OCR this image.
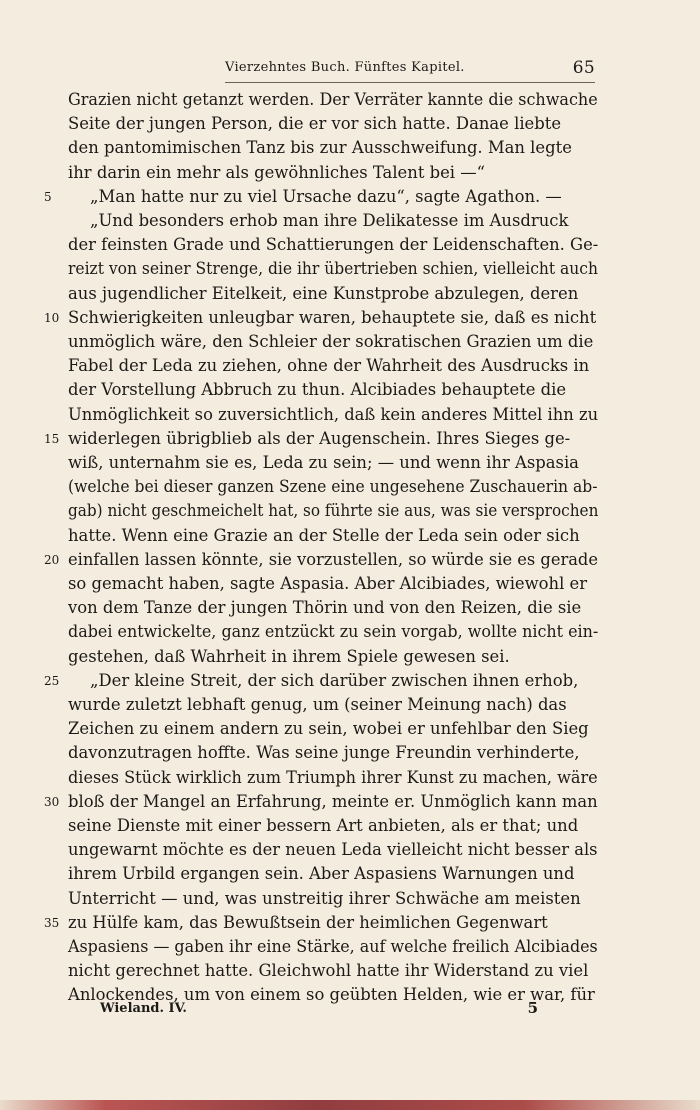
Vierzehntes Buch. Fünftes Kapitel.	65
Grazien nicht getanzt werden. Der Verräter kannte die schwache
Seite der jungen Person, die er vor sich hatte. Danae liebte
den pantomimischen Tanz bis zur Ausschweifung. Man legte
ihr darin ein mehr als gewöhnliches Talent bei —“
5	„Man hatte nur zu viel Ursache dazu“, sagte Agathon. —
„Und besonders erhob man ihre Delikatesse im Ausdruck
der feinsten Grade und Schattierungen der Leidenschaften. Ge-
reizt von seiner Strenge, die ihr übertrieben schien, vielleicht auch
aus jugendlicher Eitelkeit, eine Kunstprobe abzulegen, deren
10 Schwierigkeiten unleugbar waren, behauptete sie, daß es nicht
unmöglich wäre, den Schleier der sokratischen Grazien um die
Fabel der Leda zu ziehen, ohne der Wahrheit des Ausdrucks in
der Vorstellung Abbruch zu thun. Alcibiades behauptete die
Unmöglichkeit so zuversichtlich, daß kein anderes Mittel ihn zu
15 widerlegen übrigblieb als der Augenschein. Ihres Sieges ge-
wiß, unternahm sie es, Leda zu sein; — und wenn ihr Aspasia
(welche bei dieser ganzen Szene eine ungesehene Zuschauerin ab-
gab) nicht geschmeichelt hat, so führte sie aus, was sie versprochen
hatte. Wenn eine Grazie an der Stelle der Leda sein oder sich
20 einfallen lassen könnte, sie vorzustellen, so würde sie es gerade
so gemacht haben, sagte Aspasia. Aber Alcibiades, wiewohl er
von dem Tanze der jungen Thörin und von den Reizen, die sie
dabei entwickelte, ganz entzückt zu sein vorgab, wollte nicht ein-
gestehen, daß Wahrheit in ihrem Spiele gewesen sei.
25 „Der kleine Streit, der sich darüber zwischen ihnen erhob,
wurde zuletzt lebhaft genug, um (seiner Meinung nach) das
Zeichen zu einem andern zu sein, wobei er unfehlbar den Sieg
davonzutragen hoffte. Was seine junge Freundin verhinderte,
dieses Stück wirklich zum Triumph ihrer Kunst zu machen, wäre
30 bloß der Mangel an Erfahrung, meinte er. Unmöglich kann man
seine Dienste mit einer bessern Art anbieten, als er that; und
ungewarnt möchte es der neuen Leda vielleicht nicht besser als
ihrem Urbild ergangen sein. Aber Aspasiens Warnungen und
Unterricht — und, was unstreitig ihrer Schwäche am meisten
35 zu Hülfe kam, das Bewußtsein der heimlichen Gegenwart
Aspasiens — gaben ihr eine Stärke, auf welche freilich Alcibiades
nicht gerechnet hatte. Gleichwohl hatte ihr Widerstand zu viel
Anlockendes, um von einem so geübten Helden, wie er war, für
Wieland. IV.	5
